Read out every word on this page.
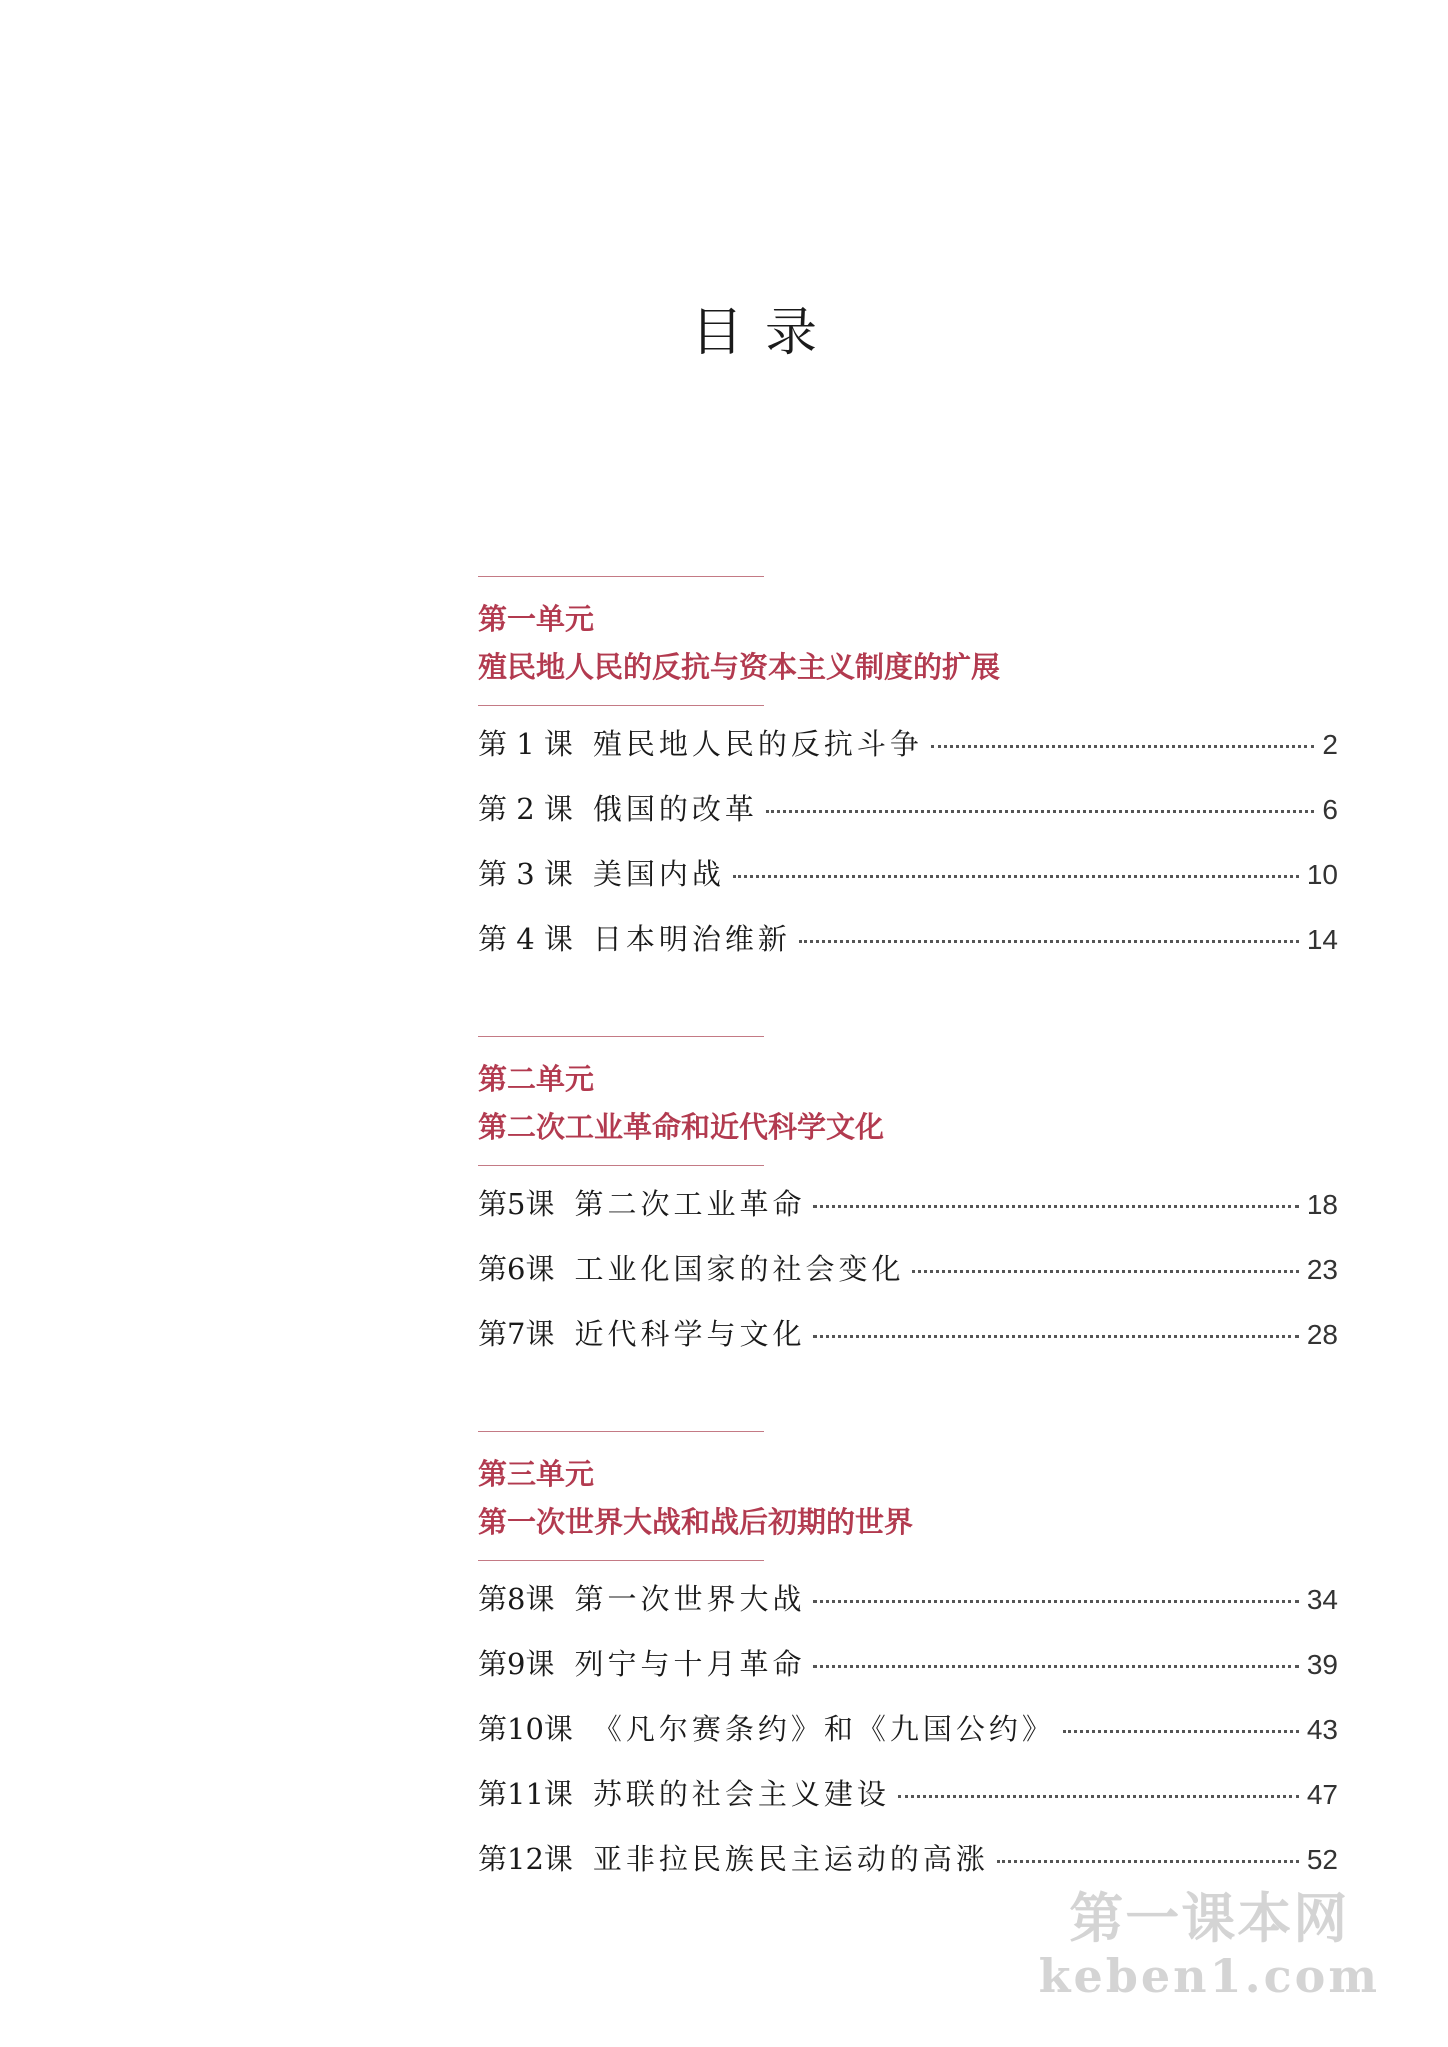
目录
第一单元
殖民地人民的反抗与资本主义制度的扩展
第 1 课 殖民地人民的反抗斗争	2
第 2 课 俄国的改革	6
第 3 课 美国内战	10
第 4 课 日本明治维新	14
第二单元
第二次工业革命和近代科学文化
第5课 第二次工业革命	18
第6课 工业化国家的社会变化	23
第7课 近代科学与文化	28
第三单元
第一次世界大战和战后初期的世界
第8课 第一次世界大战	34
第9课 列宁与十月革命	39
第10课 《凡尔赛条约》和《九国公约》	43
第11课 苏联的社会主义建设	47
第12课 亚非拉民族民主运动的高涨	52
第一课本网
keben1.com
